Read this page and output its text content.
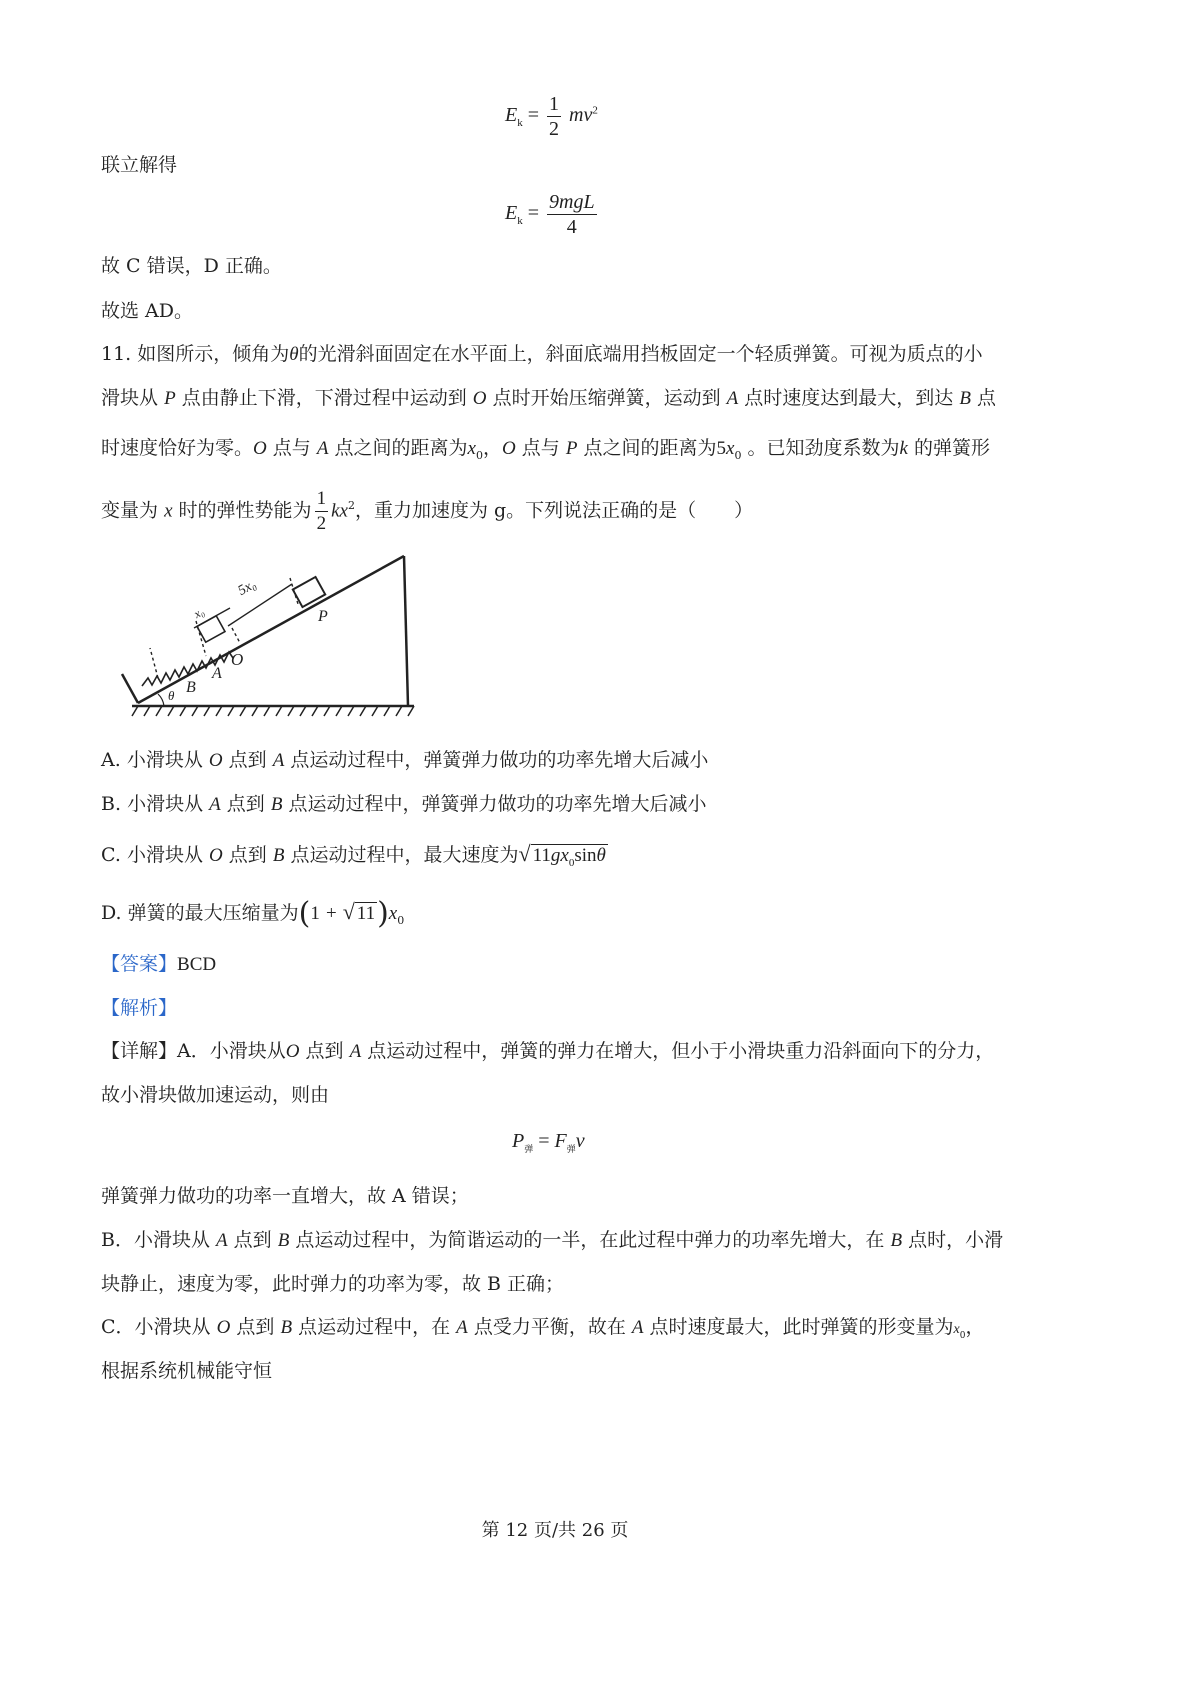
$E_k = \frac{1}{2} mv^2$
联立解得
$E_k = \frac{\text{9mgL}}{4}$
故 C 错误，D 正确。
故选 AD。
11. 如图所示，倾角为θ的光滑斜面固定在水平面上，斜面底端用挡板固定一个轻质弹簧。可视为质点的小
滑块从 P 点由静止下滑，下滑过程中运动到 O 点时开始压缩弹簧，运动到 A 点时速度达到最大，到达 B 点
时速度恰好为零。O 点与 A 点之间的距离为$x_0$，O 点与 P 点之间的距离为$5x_0$ 。已知劲度系数为k 的弹簧形
变量为 x 时的弹性势能为 $\frac{1}{2} kx^2$，重力加速度为 g。下列说法正确的是（　　）
5x₀
x₀	P
O
A
B
θ
A. 小滑块从 O 点到 A 点运动过程中，弹簧弹力做功的功率先增大后减小
B. 小滑块从 A 点到 B 点运动过程中，弹簧弹力做功的功率先增大后减小
C. 小滑块从 O 点到 B 点运动过程中，最大速度为√ $11gx_0\sin\theta$
D. 弹簧的最大压缩量为(1 + √ $11)x_0$
【答案】BCD
【解析】
【详解】A．小滑块从O 点到 A 点运动过程中，弹簧的弹力在增大，但小于小滑块重力沿斜面向下的分力，
故小滑块做加速运动，则由
$P_弹 = F_弹v$
弹簧弹力做功的功率一直增大，故 A 错误；
B．小滑块从 A 点到 B 点运动过程中，为简谐运动的一半，在此过程中弹力的功率先增大，在 B 点时，小滑
块静止，速度为零，此时弹力的功率为零，故 B 正确；
C．小滑块从 O 点到 B 点运动过程中，在 A 点受力平衡，故在 A 点时速度最大，此时弹簧的形变量为$x_0$，
根据系统机械能守恒
第 12 页/共 26 页
